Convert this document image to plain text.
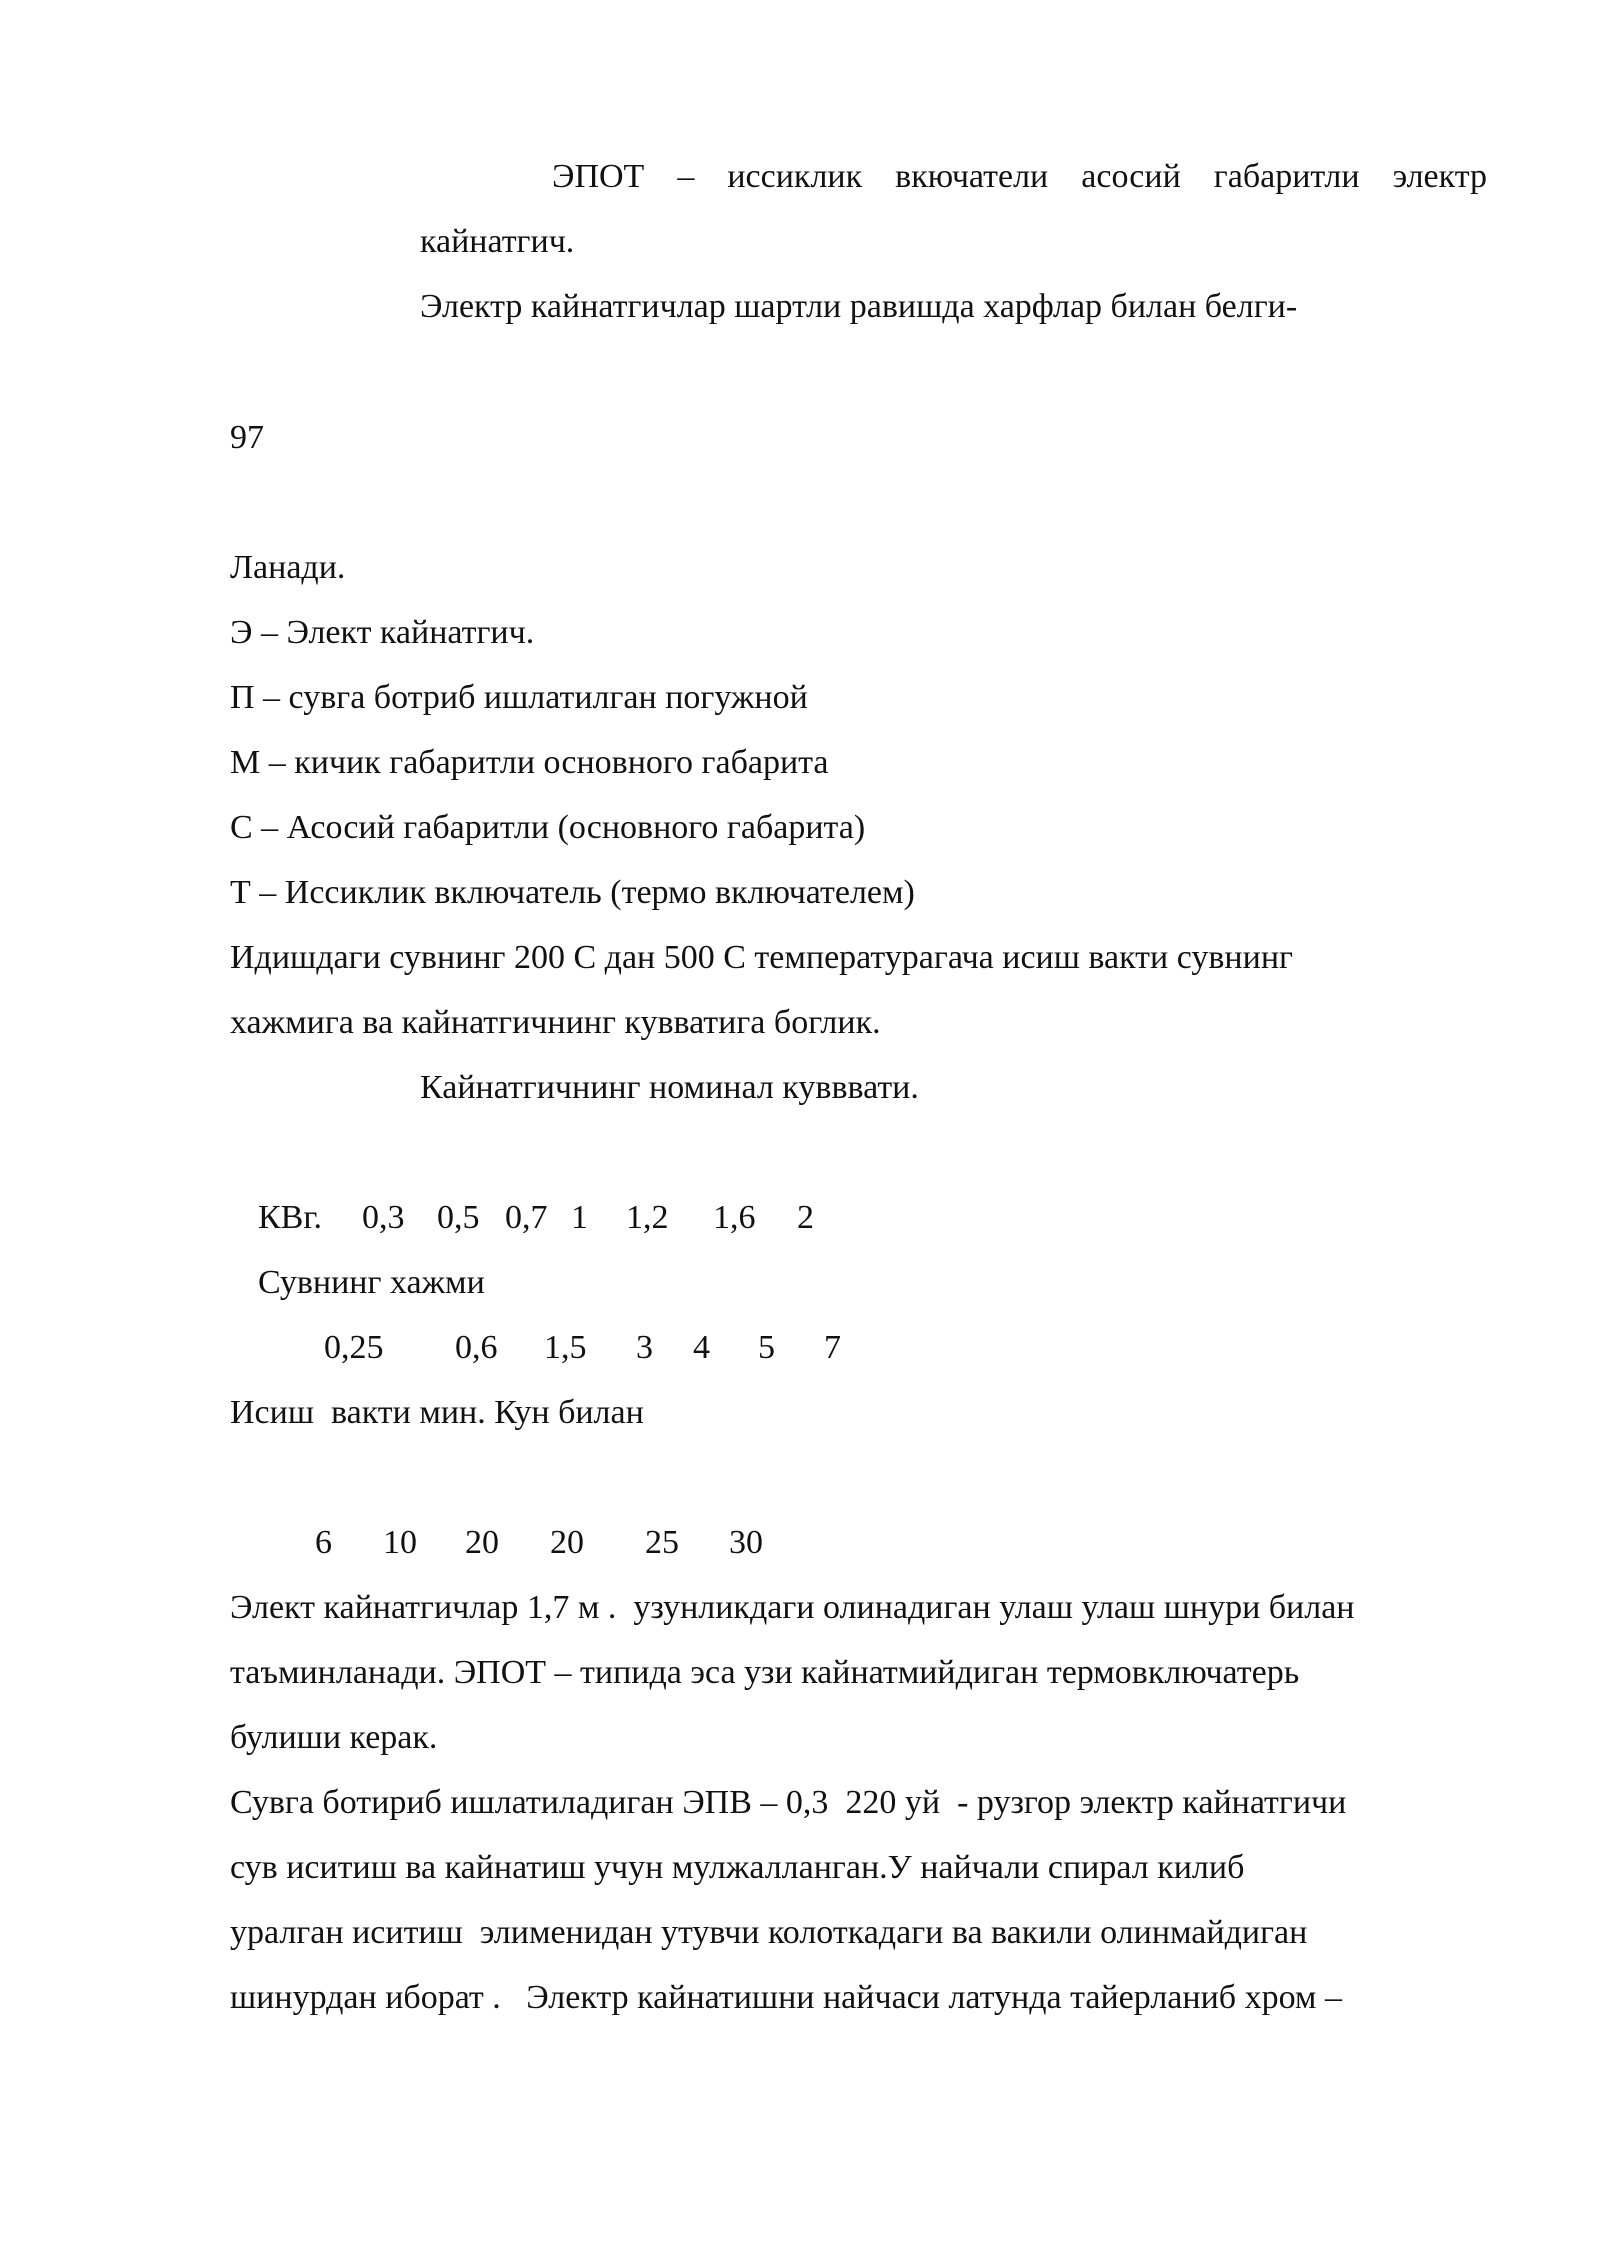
ЭПОТ – иссиклик вкючатели асосий габаритли электр
кайнатгич.
Электр кайнатгичлар шартли равишда харфлар билан белги-
97
Ланади.
Э – Элект кайнатгич.
П – сувга ботриб ишлатилган погужной
М – кичик габаритли основного габарита
С – Асосий габаритли (основного габарита)
Т – Иссиклик включатель (термо включателем)
Идишдаги сувнинг 200 С дан 500 С температурагача исиш вакти сувнинг
хажмига ва кайнатгичнинг кувватига боглик.
Кайнатгичнинг номинал кувввати.
КВг. 0,3 0,5 0,7 1 1,2 1,6 2
Сувнинг хажми
0,25 0,6 1,5 3 4 5 7
Исиш  вакти мин. Кун билан
6 10 20 20 25 30
Элект кайнатгичлар 1,7 м .  узунликдаги олинадиган улаш улаш шнури билан
таъминланади. ЭПОТ – типида эса узи кайнатмийдиган термовключатерь
булиши керак.
Сувга ботириб ишлатиладиган ЭПВ – 0,3  220 уй  - рузгор электр кайнатгичи
сув иситиш ва кайнатиш учун мулжалланган.У найчали спирал килиб
уралган иситиш  элименидан утувчи колоткадаги ва вакили олинмайдиган
шинурдан иборат .   Электр кайнатишни найчаси латунда тайерланиб хром –
